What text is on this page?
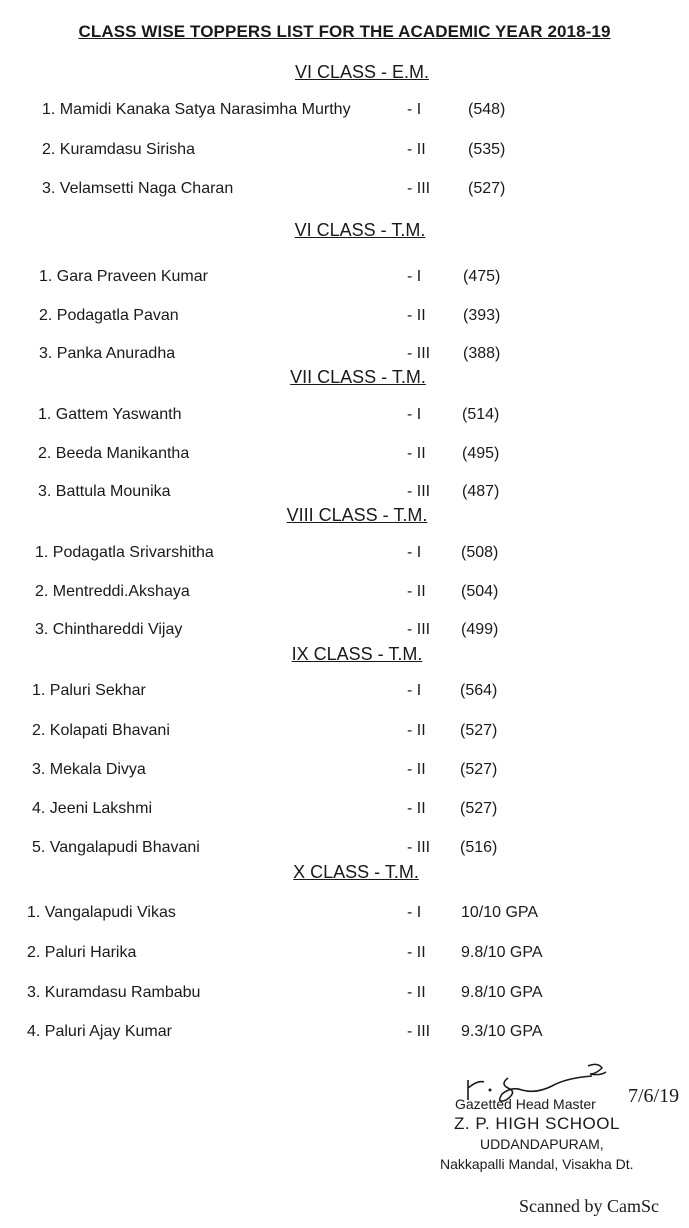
CLASS WISE TOPPERS LIST FOR THE ACADEMIC YEAR 2018-19
VI CLASS - E.M.
1. Mamidi Kanaka Satya Narasimha Murthy	- I	(548)
2. Kuramdasu Sirisha	- II	(535)
3. Velamsetti Naga Charan	- III (527)
VI CLASS - T.M.
1. Gara Praveen Kumar	- I	(475)
2. Podagatla Pavan	- II (393)
3. Panka Anuradha	- III (388)
VII CLASS - T.M.
1. Gattem Yaswanth	- I	(514)
2. Beeda Manikantha	- II (495)
3. Battula Mounika	- III (487)
VIII CLASS - T.M.
1. Podagatla Srivarshitha	- I (508)
2. Mentreddi.Akshaya	- II (504)
3. Chinthareddi Vijay	- III (499)
IX CLASS - T.M.
1. Paluri Sekhar	- I (564)
2. Kolapati Bhavani	- II (527)
3. Mekala Divya	- II (527)
4. Jeeni Lakshmi	- II (527)
5. Vangalapudi Bhavani	- III (516)
X CLASS - T.M.
1. Vangalapudi Vikas	- I 10/10 GPA
2. Paluri Harika	- II 9.8/10 GPA
3. Kuramdasu Rambabu	- II 9.8/10 GPA
4. Paluri Ajay Kumar	- III 9.3/10 GPA
7/6/19
Gazetted Head Master
Z. P. HIGH SCHOOL
UDDANDAPURAM,
Nakkapalli Mandal, Visakha Dt.
Scanned by CamSc
